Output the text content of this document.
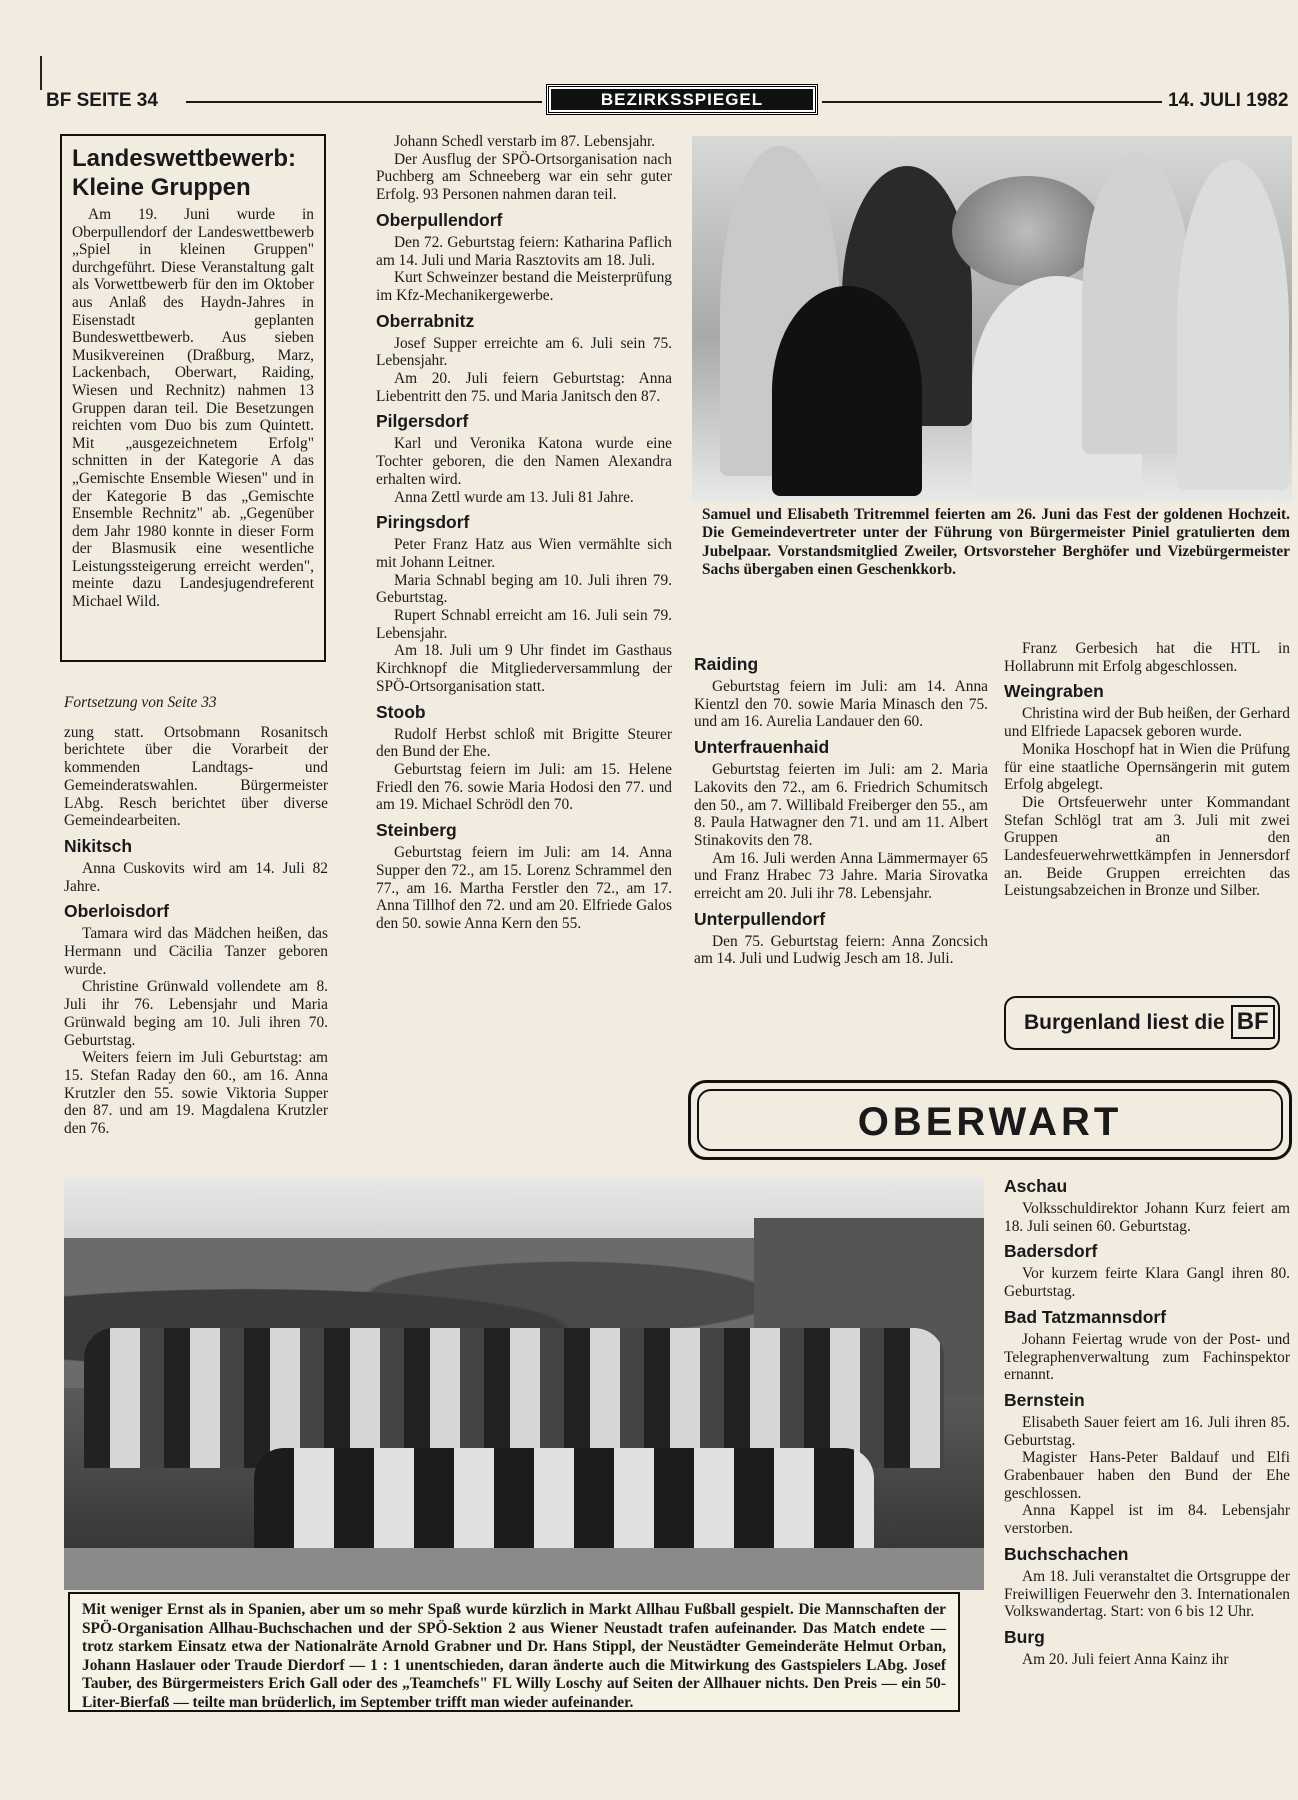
BF SEITE 34	BEZIRKSSPIEGEL	14. JULI 1982
Landeswettbewerb: Kleine Gruppen

Am 19. Juni wurde in Oberpullendorf der Landeswettbewerb „Spiel in kleinen Gruppen" durchgeführt. Diese Veranstaltung galt als Vorwettbewerb für den im Oktober aus Anlaß des Haydn-Jahres in Eisenstadt geplanten Bundeswettbewerb. Aus sieben Musikvereinen (Draßburg, Marz, Lackenbach, Oberwart, Raiding, Wiesen und Rechnitz) nahmen 13 Gruppen daran teil. Die Besetzungen reichten vom Duo bis zum Quintett. Mit „ausgezeichnetem Erfolg" schnitten in der Kategorie A das „Gemischte Ensemble Wiesen" und in der Kategorie B das „Gemischte Ensemble Rechnitz" ab. „Gegenüber dem Jahr 1980 konnte in dieser Form der Blasmusik eine wesentliche Leistungssteigerung erreicht werden", meinte dazu Landesjugendreferent Michael Wild.

Fortsetzung von Seite 33

zung statt. Ortsobmann Rosanitsch berichtete über die Vorarbeit der kommenden Landtags- und Gemeinderatswahlen. Bürgermeister LAbg. Resch berichtet über diverse Gemeindearbeiten.

Nikitsch

Anna Cuskovits wird am 14. Juli 82 Jahre.

Oberloisdorf

Tamara wird das Mädchen heißen, das Hermann und Cäcilia Tanzer geboren wurde.

Christine Grünwald vollendete am 8. Juli ihr 76. Lebensjahr und Maria Grünwald beging am 10. Juli ihren 70. Geburtstag.

Weiters feiern im Juli Geburtstag: am 15. Stefan Raday den 60., am 16. Anna Krutzler den 55. sowie Viktoria Supper den 87. und am 19. Magdalena Krutzler den 76.

Johann Schedl verstarb im 87. Lebensjahr.

Der Ausflug der SPÖ-Ortsorganisation nach Puchberg am Schneeberg war ein sehr guter Erfolg. 93 Personen nahmen daran teil.

Oberpullendorf

Den 72. Geburtstag feiern: Katharina Paflich am 14. Juli und Maria Rasztovits am 18. Juli.

Kurt Schweinzer bestand die Meisterprüfung im Kfz-Mechanikergewerbe.

Oberrabnitz

Josef Supper erreichte am 6. Juli sein 75. Lebensjahr.

Am 20. Juli feiern Geburtstag: Anna Liebentritt den 75. und Maria Janitsch den 87.

Pilgersdorf

Karl und Veronika Katona wurde eine Tochter geboren, die den Namen Alexandra erhalten wird.

Anna Zettl wurde am 13. Juli 81 Jahre.

Piringsdorf

Peter Franz Hatz aus Wien vermählte sich mit Johann Leitner.

Maria Schnabl beging am 10. Juli ihren 79. Geburtstag.

Rupert Schnabl erreicht am 16. Juli sein 79. Lebensjahr.

Am 18. Juli um 9 Uhr findet im Gasthaus Kirchknopf die Mitgliederversammlung der SPÖ-Ortsorganisation statt.

Stoob

Rudolf Herbst schloß mit Brigitte Steurer den Bund der Ehe.

Geburtstag feiern im Juli: am 15. Helene Friedl den 76. sowie Maria Hodosi den 77. und am 19. Michael Schrödl den 70.

Steinberg

Geburtstag feiern im Juli: am 14. Anna Supper den 72., am 15. Lorenz Schrammel den 77., am 16. Martha Ferstler den 72., am 17. Anna Tillhof den 72. und am 20. Elfriede Galos den 50. sowie Anna Kern den 55.

Samuel und Elisabeth Tritremmel feierten am 26. Juni das Fest der goldenen Hochzeit. Die Gemeindevertreter unter der Führung von Bürgermeister Piniel gratulierten dem Jubelpaar. Vorstandsmitglied Zweiler, Ortsvorsteher Berghöfer und Vizebürgermeister Sachs übergaben einen Geschenkkorb.
Raiding

Geburtstag feiern im Juli: am 14. Anna Kientzl den 70. sowie Maria Minasch den 75. und am 16. Aurelia Landauer den 60.

Unterfrauenhaid

Geburtstag feierten im Juli: am 2. Maria Lakovits den 72., am 6. Friedrich Schumitsch den 50., am 7. Willibald Freiberger den 55., am 8. Paula Hatwagner den 71. und am 11. Albert Stinakovits den 78.

Am 16. Juli werden Anna Lämmermayer 65 und Franz Hrabec 73 Jahre. Maria Sirovatka erreicht am 20. Juli ihr 78. Lebensjahr.

Unterpullendorf

Den 75. Geburtstag feiern: Anna Zoncsich am 14. Juli und Ludwig Jesch am 18. Juli.

Franz Gerbesich hat die HTL in Hollabrunn mit Erfolg abgeschlossen.

Weingraben

Christina wird der Bub heißen, der Gerhard und Elfriede Lapacsek geboren wurde.

Monika Hoschopf hat in Wien die Prüfung für eine staatliche Opernsängerin mit gutem Erfolg abgelegt.

Die Ortsfeuerwehr unter Kommandant Stefan Schlögl trat am 3. Juli mit zwei Gruppen an den Landesfeuerwehrwettkämpfen in Jennersdorf an. Beide Gruppen erreichten das Leistungsabzeichen in Bronze und Silber.

Burgenland liest die BF
OBERWART
Mit weniger Ernst als in Spanien, aber um so mehr Spaß wurde kürzlich in Markt Allhau Fußball gespielt. Die Mannschaften der SPÖ-Organisation Allhau-Buchschachen und der SPÖ-Sektion 2 aus Wiener Neustadt trafen aufeinander. Das Match endete — trotz starkem Einsatz etwa der Nationalräte Arnold Grabner und Dr. Hans Stippl, der Neustädter Gemeinderäte Helmut Orban, Johann Haslauer oder Traude Dierdorf — 1 : 1 unentschieden, daran änderte auch die Mitwirkung des Gastspielers LAbg. Josef Tauber, des Bürgermeisters Erich Gall oder des „Teamchefs" FL Willy Loschy auf Seiten der Allhauer nichts. Den Preis — ein 50-Liter-Bierfaß — teilte man brüderlich, im September trifft man wieder aufeinander.
Aschau

Volksschuldirektor Johann Kurz feiert am 18. Juli seinen 60. Geburtstag.

Badersdorf

Vor kurzem feirte Klara Gangl ihren 80. Geburtstag.

Bad Tatzmannsdorf

Johann Feiertag wrude von der Post- und Telegraphenverwaltung zum Fachinspektor ernannt.

Bernstein

Elisabeth Sauer feiert am 16. Juli ihren 85. Geburtstag.

Magister Hans-Peter Baldauf und Elfi Grabenbauer haben den Bund der Ehe geschlossen.

Anna Kappel ist im 84. Lebensjahr verstorben.

Buchschachen

Am 18. Juli veranstaltet die Ortsgruppe der Freiwilligen Feuerwehr den 3. Internationalen Volkswandertag. Start: von 6 bis 12 Uhr.

Burg

Am 20. Juli feiert Anna Kainz ihr
